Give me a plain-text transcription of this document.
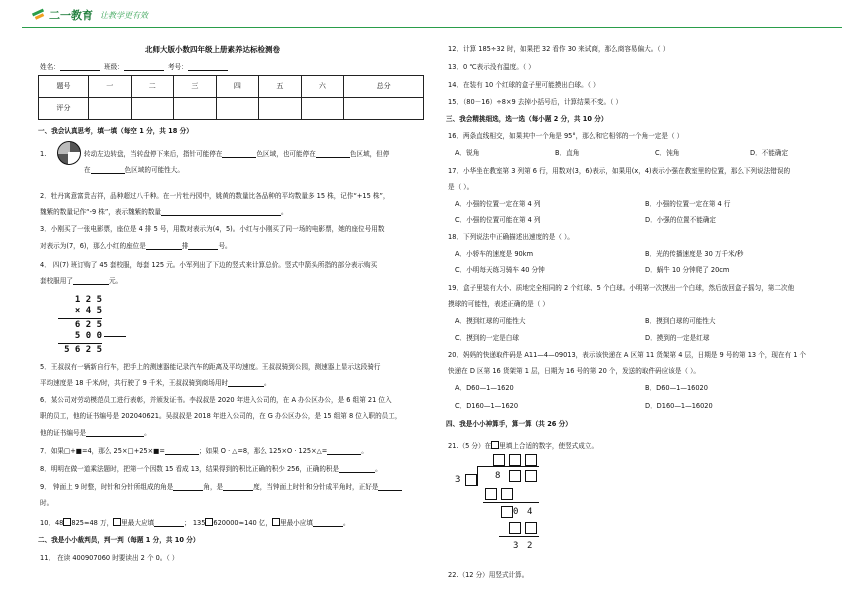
二一教育 让教学更有效
北师大版小数四年级上册素养达标检测卷
姓名：	班级：	考号：
题号	一	二	三	四	五	六	总分
评分							
一、我会认真思考，填一填（每空 1 分，共 18 分）
1.	转动左边转盘，当转盘停下来后，指针可能停在	色区域，也可能停在	色区域，但停
在	色区域的可能性大。
2．牡丹寓意富贵吉祥，品种超过八千种。在一片牡丹园中，姚黄的数量比各品种的平均数量多 15 株，记作“+15 株”，
魏紫的数量记作“-9 株”，表示魏紫的数量	。
3．小刚买了一张电影票，座位是 4 排 5 号，用数对表示为(4，5)。小红与小刚买了同一场的电影票，她的座位号用数
对表示为(7，6)，那么小红的座位是	排	号。
4． 四(7) 班订购了 45 套校服，每套 125 元。小军列出了下边的竖式来计算总价。竖式中箭头所指的部分表示购买
套校服用了	元。
1 2 5
× 4 5
6 2 5
5 0 0
5 6 2 5
5．王叔叔有一辆新自行车，把手上的测速器能记录汽车的距离及平均速度。王叔叔骑到公园，测速器上显示这段骑行
平均速度是 18 千米/时，共行驶了 9 千米，王叔叔骑到商场用时	。
6．某公司对劳动模范员工进行表彰，并颁发证书。李叔叔是 2020 年进入公司的，在 A 办公区办公，是 6 组第 21 位入
职的员工，他的证书编号是 202040621。吴叔叔是 2018 年进入公司的，在 G 办公区办公，是 15 组第 8 位入职的员工，
他的证书编号是	。
7．如果□+■=4，那么 25×□+25×■=	；如果 O · △=8，那么 125×O · 125×△=	。
8．明明在做一道乘法题时，把第一个因数 15 看成 13，结果得到的积比正确的积少 256，正确的积是	。
9． 钟面上 9 时整，时针和分针所组成的角是	角，是	度，当钟面上时针和分针成平角时，正好是
时。
10．48 825≈48 万， 里最大应填	； 135 620000≈140 亿， 里最小应填	。
二、我是小小裁判员，判一判（每题 1 分，共 10 分）
11． 在读 400907060 时要读出 2 个 0。（ ）
12．计算 185÷32 时，如果把 32 看作 30 来试商，那么商容易偏大。（ ）
13．0 ℃表示没有温度。（ ）
14．在装有 10 个红球的盒子里可能摸出白球。（ ）
15．（80－16）÷8×9 去掉小括号后，计算结果不变。（ ）
三、我会精挑细选，选一选（每小题 2 分，共 10 分）
16．两条直线相交，如果其中一个角是 95°，那么和它相邻的一个角一定是（ ）
A．锐角	B．直角	C．钝角	D．不能确定
17．小华坐在教室第 3 列第 6 行，用数对(3，6)表示，如果用(x，4)表示小强在教室里的位置，那么下列说法错误的
是（ ）。
A．小强的位置一定在第 4 列	B．小强的位置一定在第 4 行
C．小强的位置可能在第 4 列	D．小强的位置不能确定
18．下列说法中正确描述出速度的是（ ）。
A．小轿车的速度是 90km	B．光的传播速度是 30 万千米/秒
C．小明每天练习骑车 40 分钟	D．蜗牛 10 分钟爬了 20cm
19．盒子里装有大小、质地完全相同的 2 个红球、5 个白球。小明第一次摸出一个白球，然后放回盒子摇匀，第二次他
摸球的可能性，表述正确的是（ ）
A．摸到红球的可能性大	B．摸到白球的可能性大
C．摸到的一定是白球	D．摸到的一定是红球
20．妈妈的快递取件码是 A11—4—09013，表示该快递在 A 区第 11 货架第 4 层，日期是 9 号的第 13 个，现在有 1 个
快递在 D 区第 16 货架第 1 层，日期为 16 号的第 20 个，发送的取件码应该是（ ）。
A．D60—1—1620	B．D60—1—16020
C．D160—1—1620	D．D160—1—16020
四、我是小小神算手，算一算（共 26 分）
21.（5 分）在 里填上合适的数字，使竖式成立。
3	8
0 4
3 2
22.（12 分）用竖式计算。
